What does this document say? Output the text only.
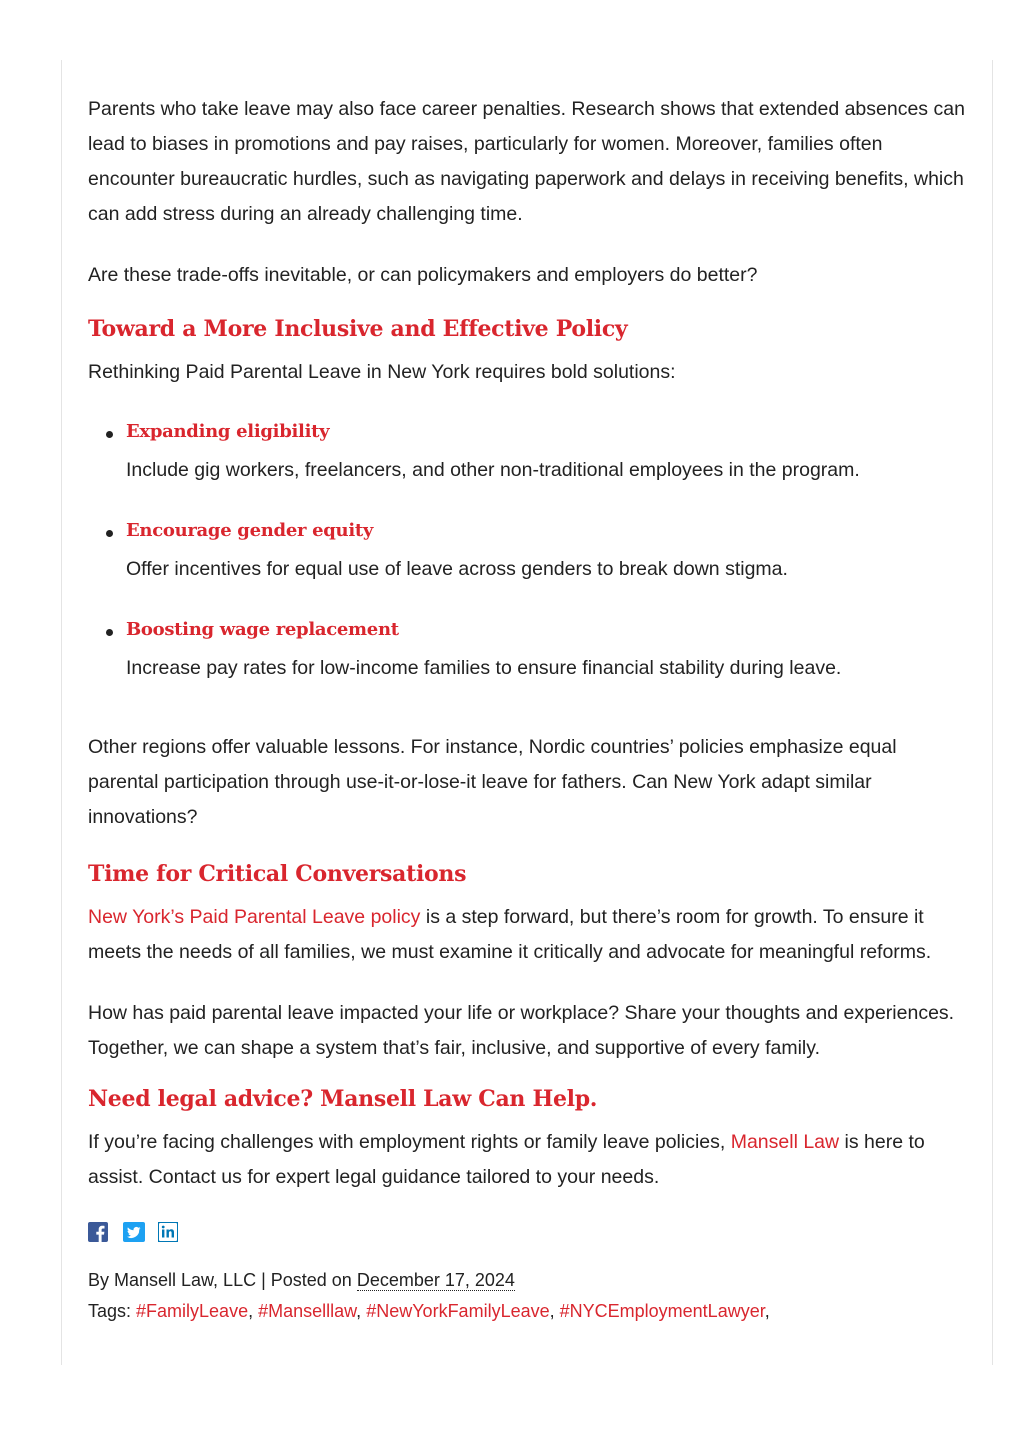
Parents who take leave may also face career penalties. Research shows that extended absences can lead to biases in promotions and pay raises, particularly for women. Moreover, families often encounter bureaucratic hurdles, such as navigating paperwork and delays in receiving benefits, which can add stress during an already challenging time.

Are these trade-offs inevitable, or can policymakers and employers do better?

Toward a More Inclusive and Effective Policy

Rethinking Paid Parental Leave in New York requires bold solutions:

Expanding eligibility
Include gig workers, freelancers, and other non-traditional employees in the program.
Encourage gender equity
Offer incentives for equal use of leave across genders to break down stigma.
Boosting wage replacement
Increase pay rates for low-income families to ensure financial stability during leave.

Other regions offer valuable lessons. For instance, Nordic countries’ policies emphasize equal parental participation through use-it-or-lose-it leave for fathers. Can New York adapt similar innovations?

Time for Critical Conversations

New York’s Paid Parental Leave policy is a step forward, but there’s room for growth. To ensure it meets the needs of all families, we must examine it critically and advocate for meaningful reforms.

How has paid parental leave impacted your life or workplace? Share your thoughts and experiences. Together, we can shape a system that’s fair, inclusive, and supportive of every family.

Need legal advice? Mansell Law Can Help.

If you’re facing challenges with employment rights or family leave policies, Mansell Law is here to assist. Contact us for expert legal guidance tailored to your needs.

By Mansell Law, LLC | Posted on December 17, 2024
Tags: #FamilyLeave, #Manselllaw, #NewYorkFamilyLeave, #NYCEmploymentLawyer,
